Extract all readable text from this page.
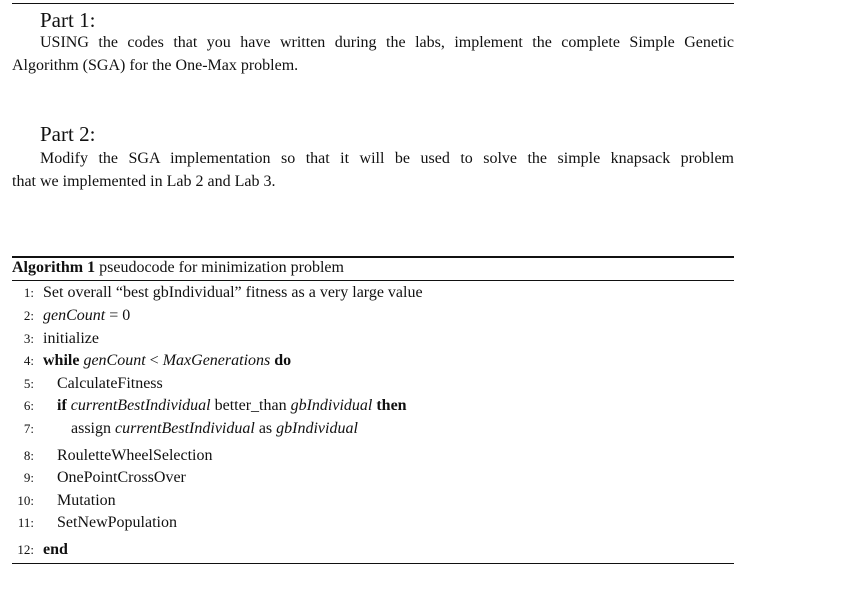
Part 1:
USING the codes that you have written during the labs, implement the complete Simple Genetic
Algorithm (SGA) for the One-Max problem.
Part 2:
Modify the SGA implementation so that it will be used to solve the simple knapsack problem
that we implemented in Lab 2 and Lab 3.
Algorithm 1 pseudocode for minimization problem
1: Set overall “best gbIndividual” fitness as a very large value
2: genCount = 0
3: initialize
4: while genCount < MaxGenerations do
5: CalculateFitness
6: if currentBestIndividual better_than gbIndividual then
7: assign currentBestIndividual as gbIndividual
8: RouletteWheelSelection
9: OnePointCrossOver
10: Mutation
11: SetNewPopulation
12: end
